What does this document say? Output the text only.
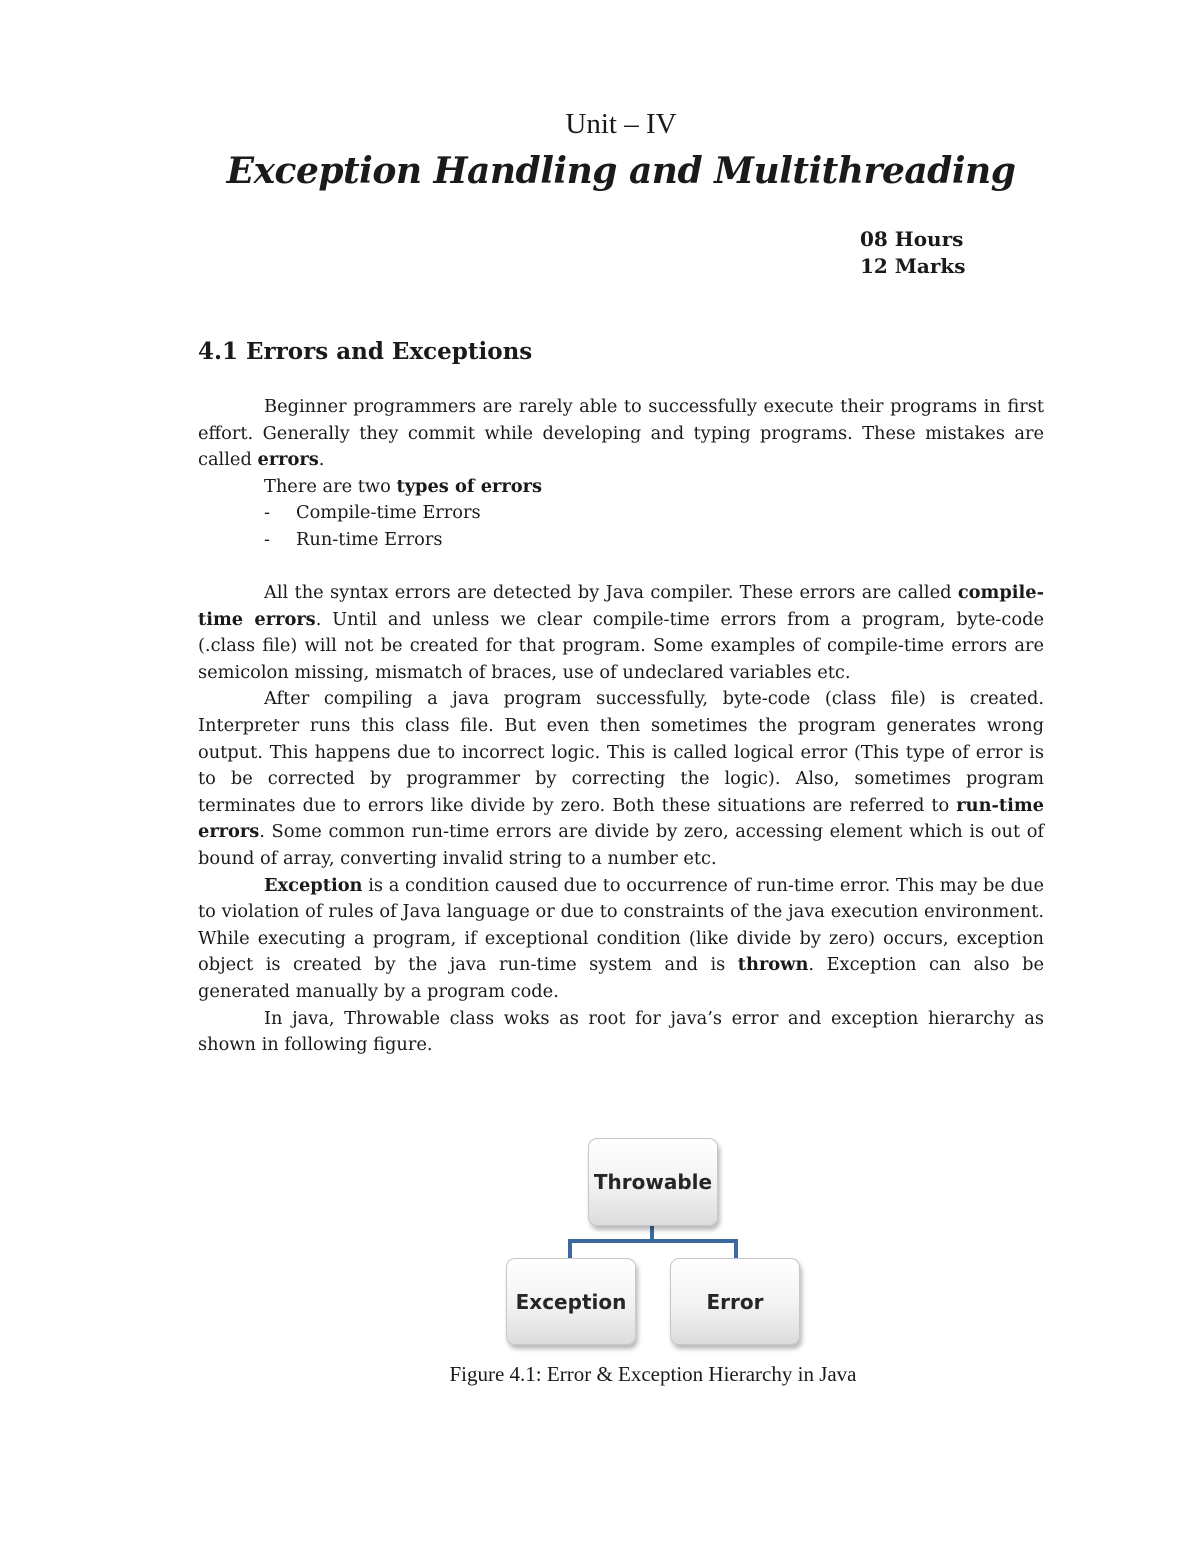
Unit – IV
Exception Handling and Multithreading
08 Hours
12 Marks
4.1 Errors and Exceptions

Beginner programmers are rarely able to successfully execute their programs in first effort. Generally they commit while developing and typing programs. These mistakes are called errors.

There are two types of errors

- Compile-time Errors
- Run-time Errors

All the syntax errors are detected by Java compiler. These errors are called compile-time errors. Until and unless we clear compile-time errors from a program, byte-code (.class file) will not be created for that program. Some examples of compile-time errors are semicolon missing, mismatch of braces, use of undeclared variables etc.

After compiling a java program successfully, byte-code (class file) is created. Interpreter runs this class file. But even then sometimes the program generates wrong output. This happens due to incorrect logic. This is called logical error (This type of error is to be corrected by programmer by correcting the logic). Also, sometimes program terminates due to errors like divide by zero. Both these situations are referred to run-time errors. Some common run-time errors are divide by zero, accessing element which is out of bound of array, converting invalid string to a number etc.

Exception is a condition caused due to occurrence of run-time error. This may be due to violation of rules of Java language or due to constraints of the java execution environment. While executing a program, if exceptional condition (like divide by zero) occurs, exception object is created by the java run-time system and is thrown. Exception can also be generated manually by a program code.

In java, Throwable class woks as root for java’s error and exception hierarchy as shown in following figure.

Throwable
Exception	Error
Figure 4.1: Error & Exception Hierarchy in Java
